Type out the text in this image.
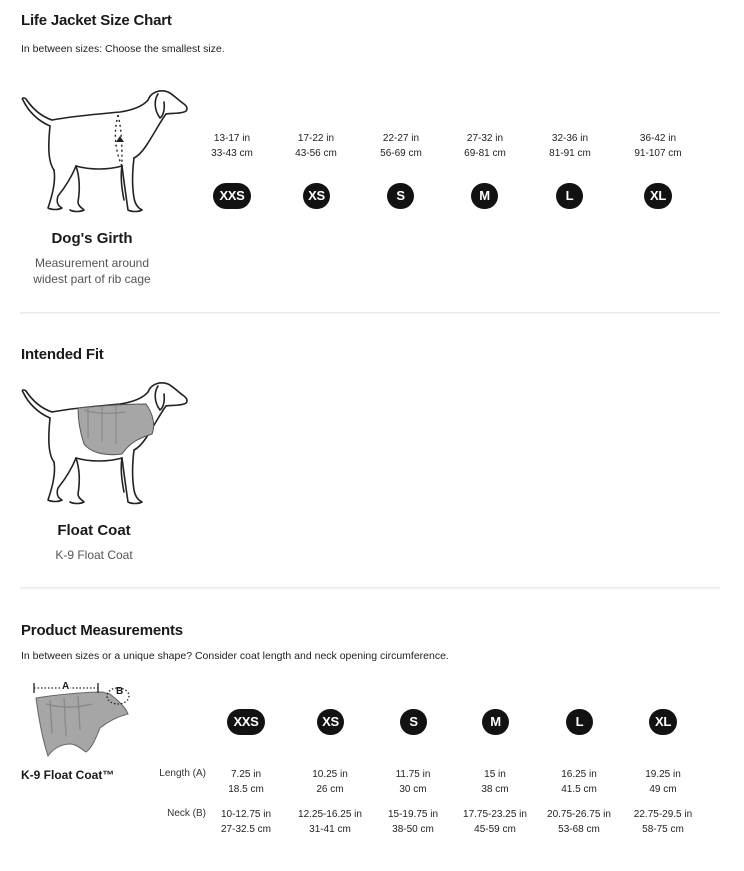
Life Jacket Size Chart
In between sizes: Choose the smallest size.
Dog's Girth
Measurement around
widest part of rib cage
13-17 in
33-43 cm
XXS
17-22 in
43-56 cm
XS
22-27 in
56-69 cm
S
27-32 in
69-81 cm
M
32-36 in
81-91 cm
L
36-42 in
91-107 cm
XL
Intended Fit
Float Coat
K-9 Float Coat
Product Measurements
In between sizes or a unique shape? Consider coat length and neck opening circumference.
A	B
K-9 Float Coat™	Length (A)
Neck (B)
XXS
7.25 in
18.5 cm
10-12.75 in
27-32.5 cm
XS
10.25 in
26 cm
12.25-16.25 in
31-41 cm
S
11.75 in
30 cm
15-19.75 in
38-50 cm
M
15 in
38 cm
17.75-23.25 in
45-59 cm
L
16.25 in
41.5 cm
20.75-26.75 in
53-68 cm
XL
19.25 in
49 cm
22.75-29.5 in
58-75 cm
